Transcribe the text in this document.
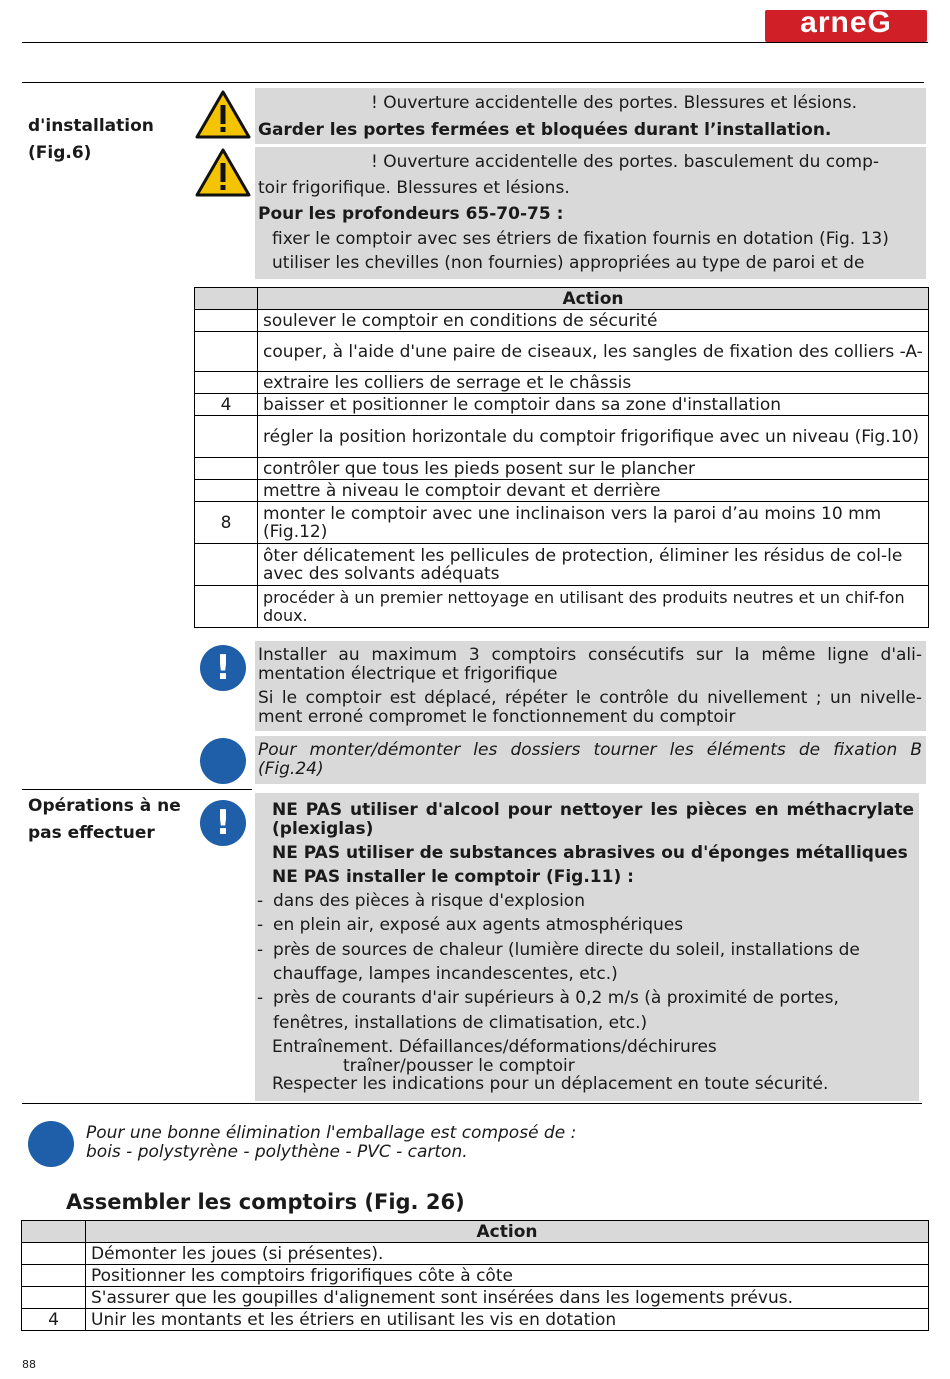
arneG
d'installation
(Fig.6)
! Ouverture accidentelle des portes. Blessures et lésions.
Garder les portes fermées et bloquées durant l’installation.
! Ouverture accidentelle des portes. basculement du comp-
toir frigorifique. Blessures et lésions.
Pour les profondeurs 65-70-75 :
fixer le comptoir avec ses étriers de fixation fournis en dotation (Fig. 13)
utiliser les chevilles (non fournies) appropriées au type de paroi et de
	Action
	soulever le comptoir en conditions de sécurité
	couper, à l'aide d'une paire de ciseaux, les sangles de fixation des colliers -A-
	extraire les colliers de serrage et le châssis
4	baisser et positionner le comptoir dans sa zone d'installation
	régler la position horizontale du comptoir frigorifique avec un niveau (Fig.10)
	contrôler que tous les pieds posent sur le plancher
	mettre à niveau le comptoir devant et derrière
8	monter le comptoir avec une inclinaison vers la paroi d’au moins 10 mm (Fig.12)
	ôter délicatement les pellicules de protection, éliminer les résidus de col-le avec des solvants adéquats
	procéder à un premier nettoyage en utilisant des produits neutres et un chif-fon doux.
!	Installer au maximum 3 comptoirs consécutifs sur la même ligne d'ali-mentation électrique et frigorifique
Si le comptoir est déplacé, répéter le contrôle du nivellement ; un nivelle-ment erroné compromet le fonctionnement du comptoir
Pour monter/démonter les dossiers tourner les éléments de fixation B (Fig.24)
Opérations à ne
pas effectuer	!	NE PAS utiliser d'alcool pour nettoyer les pièces en méthacrylate (plexiglas)
NE PAS utiliser de substances abrasives ou d'éponges métalliques
NE PAS installer le comptoir (Fig.11) :
- dans des pièces à risque d'explosion
- en plein air, exposé aux agents atmosphériques
- près de sources de chaleur (lumière directe du soleil, installations de
chauffage, lampes incandescentes, etc.)
- près de courants d'air supérieurs à 0,2 m/s (à proximité de portes,
fenêtres, installations de climatisation, etc.)
Entraînement. Défaillances/déformations/déchirures
traîner/pousser le comptoir
Respecter les indications pour un déplacement en toute sécurité.
Pour une bonne élimination l'emballage est composé de :
bois - polystyrène - polythène - PVC - carton.
Assembler les comptoirs (Fig. 26)
	Action
	Démonter les joues (si présentes).
	Positionner les comptoirs frigorifiques côte à côte
	S'assurer que les goupilles d'alignement sont insérées dans les logements prévus.
4	Unir les montants et les étriers en utilisant les vis en dotation
88
